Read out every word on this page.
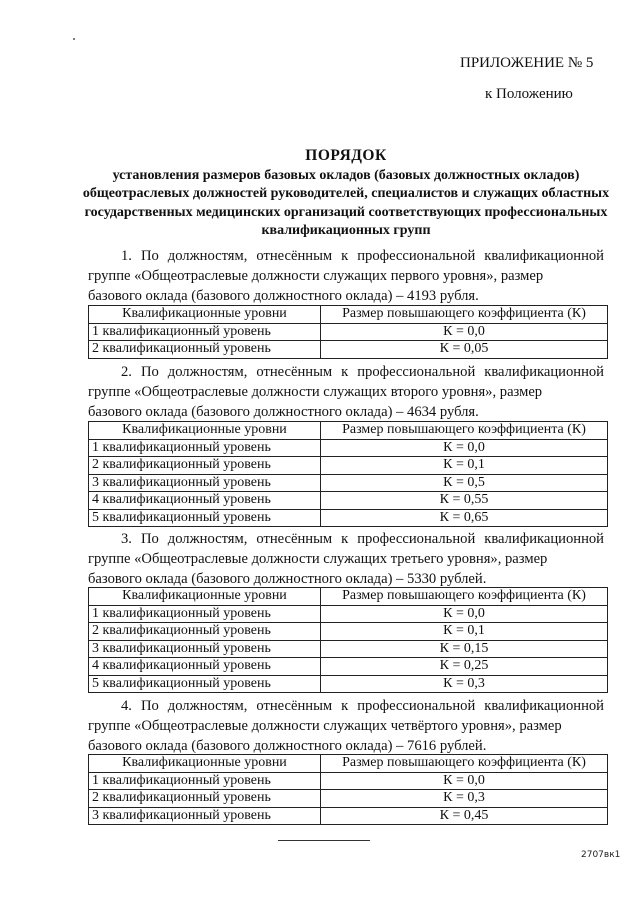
ПРИЛОЖЕНИЕ № 5
к Положению
ПОРЯДОК
установления размеров базовых окладов (базовых должностных окладов) общеотраслевых должностей руководителей, специалистов и служащих областных государственных медицинских организаций соответствующих профессиональных квалификационных групп
1. По должностям, отнесённым к профессиональной квалификационной группе «Общеотраслевые должности служащих первого уровня», размер
базового оклада (базового должностного оклада) – 4193 рубля.
Квалификационные уровни	Размер повышающего коэффициента (К)
1 квалификационный уровень	К = 0,0
2 квалификационный уровень	К = 0,05
2. По должностям, отнесённым к профессиональной квалификационной группе «Общеотраслевые должности служащих второго уровня», размер
базового оклада (базового должностного оклада) – 4634 рубля.
Квалификационные уровни	Размер повышающего коэффициента (К)
1 квалификационный уровень	К = 0,0
2 квалификационный уровень	К = 0,1
3 квалификационный уровень	К = 0,5
4 квалификационный уровень	К = 0,55
5 квалификационный уровень	К = 0,65
3. По должностям, отнесённым к профессиональной квалификационной группе «Общеотраслевые должности служащих третьего уровня», размер
базового оклада (базового должностного оклада) – 5330 рублей.
Квалификационные уровни	Размер повышающего коэффициента (К)
1 квалификационный уровень	К = 0,0
2 квалификационный уровень	К = 0,1
3 квалификационный уровень	К = 0,15
4 квалификационный уровень	К = 0,25
5 квалификационный уровень	К = 0,3
4. По должностям, отнесённым к профессиональной квалификационной группе «Общеотраслевые должности служащих четвёртого уровня», размер
базового оклада (базового должностного оклада) – 7616 рублей.
Квалификационные уровни	Размер повышающего коэффициента (К)
1 квалификационный уровень	К = 0,0
2 квалификационный уровень	К = 0,3
3 квалификационный уровень	К = 0,45
2707вк1
